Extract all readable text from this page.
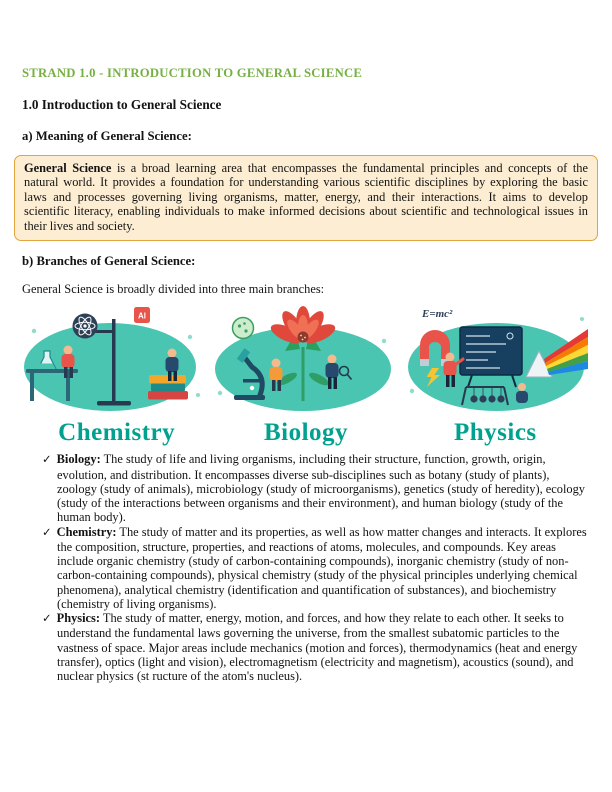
STRAND 1.0 - INTRODUCTION TO GENERAL SCIENCE
1.0 Introduction to General Science
a) Meaning of General Science:
General Science is a broad learning area that encompasses the fundamental principles and concepts of the natural world. It provides a foundation for understanding various scientific disciplines by exploring the basic laws and processes governing living organisms, matter, energy, and their interactions. It aims to develop scientific literacy, enabling individuals to make informed decisions about scientific and technological issues in their lives and society.
b) Branches of General Science:

General Science is broadly divided into three main branches:

Al	E=mc²
Chemistry	Biology	Physics
✓ Biology: The study of life and living organisms, including their structure, function, growth, origin, evolution, and distribution. It encompasses diverse sub-disciplines such as botany (study of plants), zoology (study of animals), microbiology (study of microorganisms), genetics (study of heredity), ecology (study of the interactions between organisms and their environment), and human biology (study of the human body).
✓ Chemistry: The study of matter and its properties, as well as how matter changes and interacts. It explores the composition, structure, properties, and reactions of atoms, molecules, and compounds. Key areas include organic chemistry (study of carbon-containing compounds), inorganic chemistry (study of non-carbon-containing compounds), physical chemistry (study of the physical principles underlying chemical phenomena), analytical chemistry (identification and quantification of substances), and biochemistry (chemistry of living organisms).
✓ Physics: The study of matter, energy, motion, and forces, and how they relate to each other. It seeks to understand the fundamental laws governing the universe, from the smallest subatomic particles to the vastness of space. Major areas include mechanics (motion and forces), thermodynamics (heat and energy transfer), optics (light and vision), electromagnetism (electricity and magnetism), acoustics (sound), and nuclear physics (st ructure of the atom's nucleus).
